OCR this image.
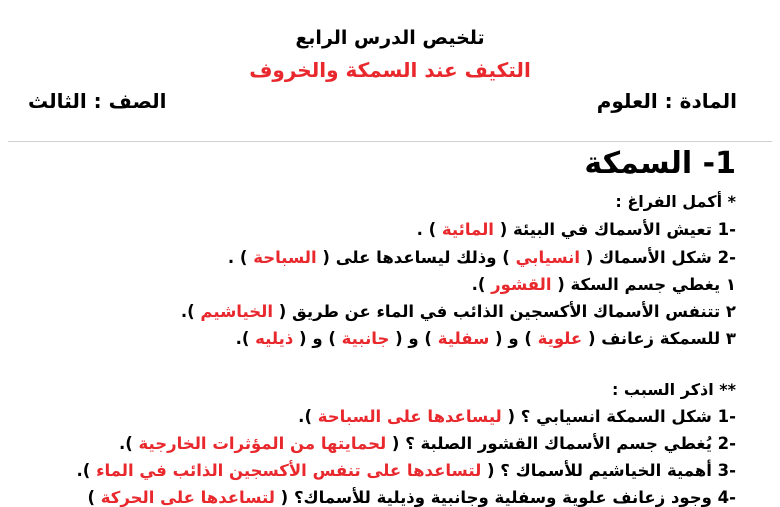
تلخيص الدرس الرابع
التكيف عند السمكة والخروف
المادة : العلوم
الصف : الثالث
1- السمكة
* أكمل الفراغ :
-1 تعيش الأسماك في البيئة ( المائية ) .
-2 شكل الأسماك ( انسيابي ) وذلك ليساعدها على ( السباحة ) .
١ يغطي جسم السكة ( القشور ).
٢ تتنفس الأسماك الأكسجين الذائب في الماء عن طريق ( الخياشيم ).
٣ للسمكة زعانف ( علوية ) و ( سفلية ) و ( جانبية ) و ( ذيليه ).
** اذكر السبب :
-1 شكل السمكة انسيابي ؟ ( ليساعدها على السباحة ).
-2 يُغطي جسم الأسماك القشور الصلبة ؟ ( لحمايتها من المؤثرات الخارجية ).
-3 أهمية الخياشيم للأسماك ؟ ( لتساعدها على تنفس الأكسجين الذائب في الماء ).
-4 وجود زعانف علوية وسفلية وجانبية وذيلية للأسماك؟ ( لتساعدها على الحركة )
